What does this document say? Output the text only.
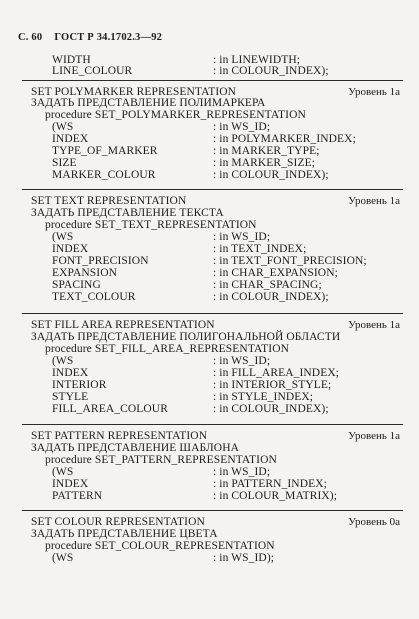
С. 60 ГОСТ Р 34.1702.3—92
WIDTH	: in LINEWIDTH;
LINE_COLOUR	: in COLOUR_INDEX);
SET POLYMARKER REPRESENTATION	Уровень 1a
ЗАДАТЬ ПРЕДСТАВЛЕНИЕ ПОЛИМАРКЕРА
procedure SET_POLYMARKER_REPRESENTATION
(WS	: in WS_ID;
INDEX	: in POLYMARKER_INDEX;
TYPE_OF_MARKER	: in MARKER_TYPE;
SIZE	: in MARKER_SIZE;
MARKER_COLOUR	: in COLOUR_INDEX);
SET TEXT REPRESENTATION	Уровень 1a
ЗАДАТЬ ПРЕДСТАВЛЕНИЕ ТЕКСТА
procedure SET_TEXT_REPRESENTATION
(WS	: in WS_ID;
INDEX	: in TEXT_INDEX;
FONT_PRECISION	: in TEXT_FONT_PRECISION;
EXPANSION	: in CHAR_EXPANSION;
SPACING	: in CHAR_SPACING;
TEXT_COLOUR	: in COLOUR_INDEX);
SET FILL AREA REPRESENTATION	Уровень 1a
ЗАДАТЬ ПРЕДСТАВЛЕНИЕ ПОЛИГОНАЛЬНОЙ ОБЛАСТИ
procedure SET_FILL_AREA_REPRESENTATION
(WS	: in WS_ID;
INDEX	: in FILL_AREA_INDEX;
INTERIOR	: in INTERIOR_STYLE;
STYLE	: in STYLE_INDEX;
FILL_AREA_COLOUR	: in COLOUR_INDEX);
SET PATTERN REPRESENTATION	Уровень 1a
ЗАДАТЬ ПРЕДСТАВЛЕНИЕ ШАБЛОНА
procedure SET_PATTERN_REPRESENTATION
(WS	: in WS_ID;
INDEX	: in PATTERN_INDEX;
PATTERN	: in COLOUR_MATRIX);
SET COLOUR REPRESENTATION	Уровень 0a
ЗАДАТЬ ПРЕДСТАВЛЕНИЕ ЦВЕТА
procedure SET_COLOUR_REPRESENTATION
(WS	: in WS_ID);
